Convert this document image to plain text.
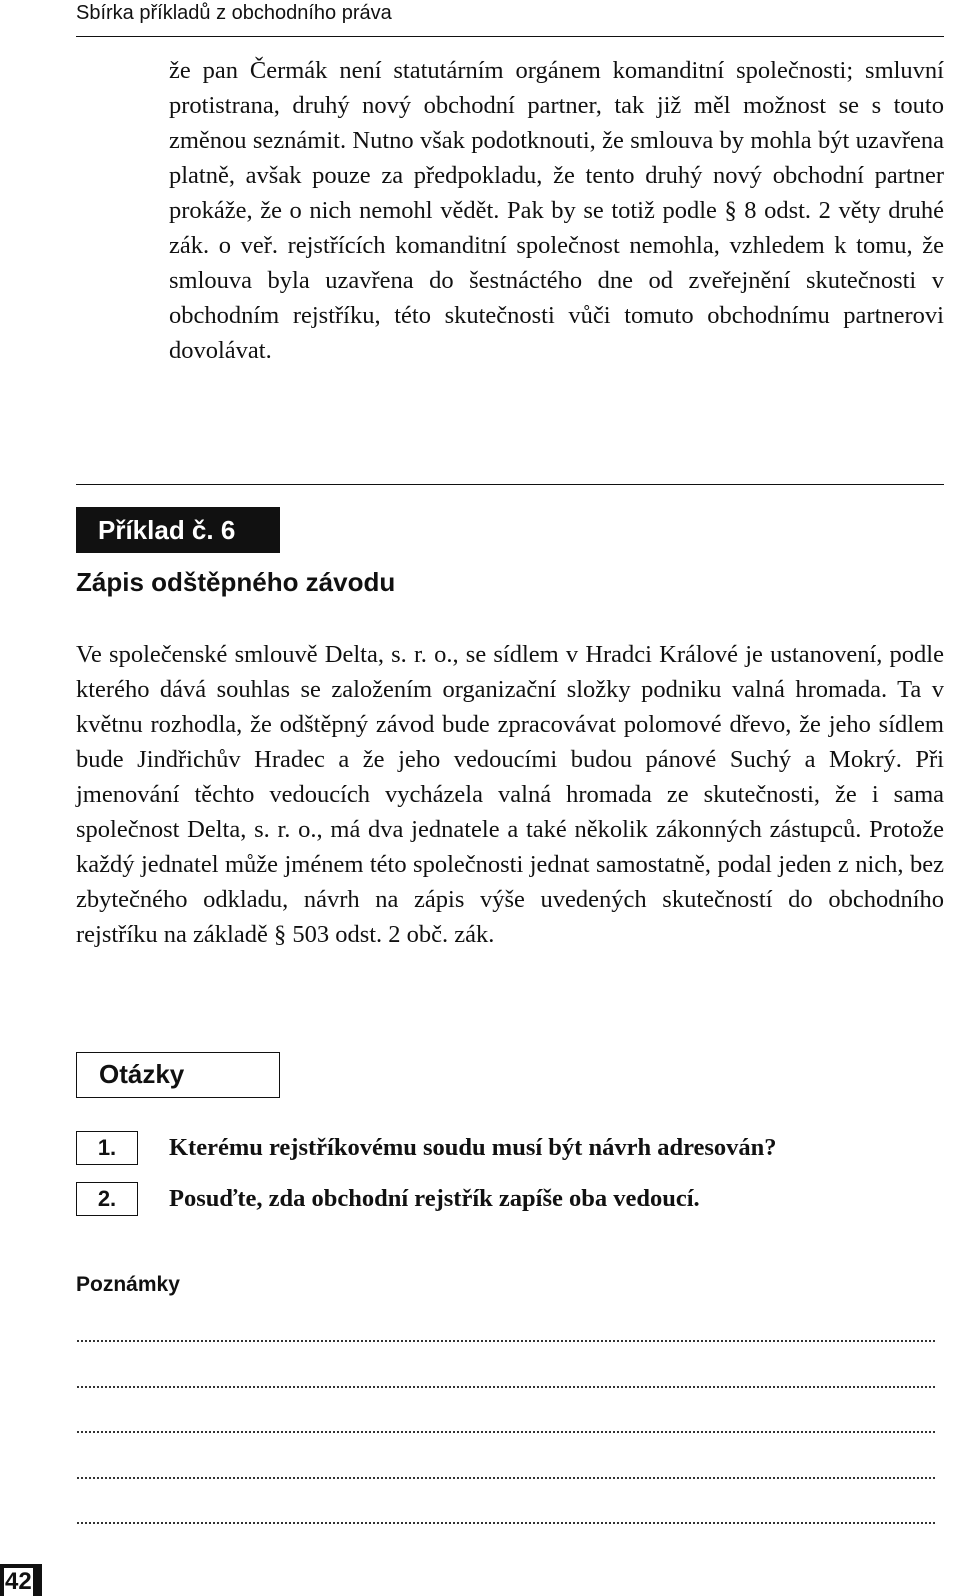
Sbírka příkladů z obchodního práva
že pan Čermák není statutárním orgánem komanditní společnosti; smluvní protistrana, druhý nový obchodní partner, tak již měl možnost se s touto změnou seznámit. Nutno však podotknouti, že smlouva by mohla být uzavřena platně, avšak pouze za předpokladu, že tento druhý nový obchodní partner prokáže, že o nich nemohl vědět. Pak by se totiž podle § 8 odst. 2 věty druhé zák. o veř. rejstřících komanditní společnost nemohla, vzhledem k tomu, že smlouva byla uzavřena do šestnáctého dne od zveřejnění skutečnosti v obchodním rejstříku, této skutečnosti vůči tomuto obchodnímu partnerovi dovolávat.
Příklad č. 6
Zápis odštěpného závodu
Ve společenské smlouvě Delta, s. r. o., se sídlem v Hradci Králové je ustanovení, podle kterého dává souhlas se založením organizační složky podniku valná hromada. Ta v květnu rozhodla, že odštěpný závod bude zpracovávat polomové dřevo, že jeho sídlem bude Jindřichův Hradec a že jeho vedoucími budou pánové Suchý a Mokrý. Při jmenování těchto vedoucích vycházela valná hromada ze skutečnosti, že i sama společnost Delta, s. r. o., má dva jednatele a také několik zákonných zástupců. Protože každý jednatel může jménem této společnosti jednat samostatně, podal jeden z nich, bez zbytečného odkladu, návrh na zápis výše uvedených skutečností do obchodního rejstříku na základě § 503 odst. 2 obč. zák.
Otázky
1.	Kterému rejstříkovému soudu musí být návrh adresován?
2.	Posuďte, zda obchodní rejstřík zapíše oba vedoucí.
Poznámky
42
